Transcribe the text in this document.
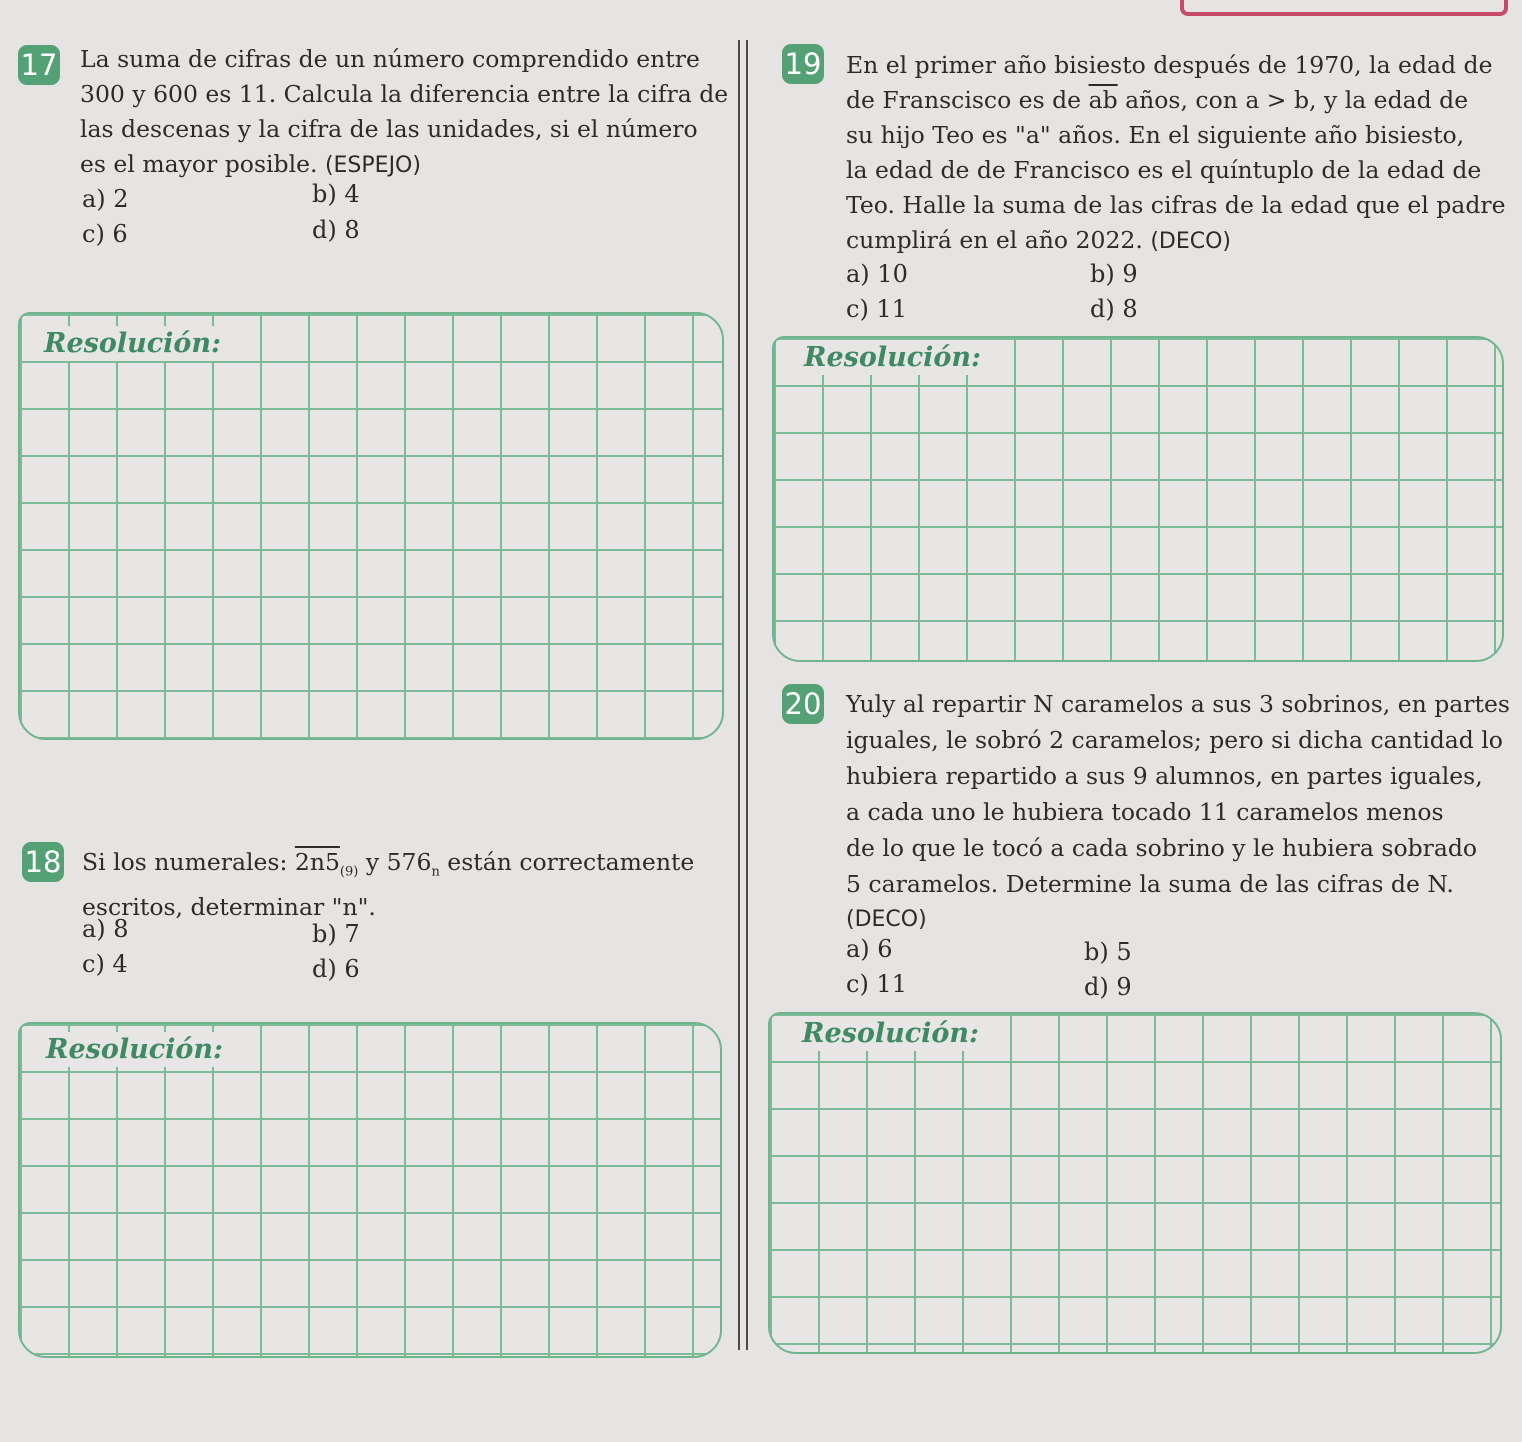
17 La suma de cifras de un número comprendido entre
300 y 600 es 11. Calcula la diferencia entre la cifra de
las descenas y la cifra de las unidades, si el número
es el mayor posible. (ESPEJO)
a) 2	b) 4
c) 6	d) 8
Resolución:
18 Si los numerales: $2n5_{(9)}$ y $576_n$ están correctamente
escritos, determinar "n".
a) 8	b) 7
c) 4	d) 6
Resolución:
19 En el primer año bisiesto después de 1970, la edad de
de Franscisco es de $\overline{ab}$ años, con a > b, y la edad de
su hijo Teo es "a" años. En el siguiente año bisiesto,
la edad de de Francisco es el quíntuplo de la edad de
Teo. Halle la suma de las cifras de la edad que el padre
cumplirá en el año 2022. (DECO)
a) 10	b) 9
c) 11	d) 8
Resolución:
20 Yuly al repartir N caramelos a sus 3 sobrinos, en partes
iguales, le sobró 2 caramelos; pero si dicha cantidad lo
hubiera repartido a sus 9 alumnos, en partes iguales,
a cada uno le hubiera tocado 11 caramelos menos
de lo que le tocó a cada sobrino y le hubiera sobrado
5 caramelos. Determine la suma de las cifras de N.
(DECO)
a) 6	b) 5
c) 11	d) 9
Resolución:
